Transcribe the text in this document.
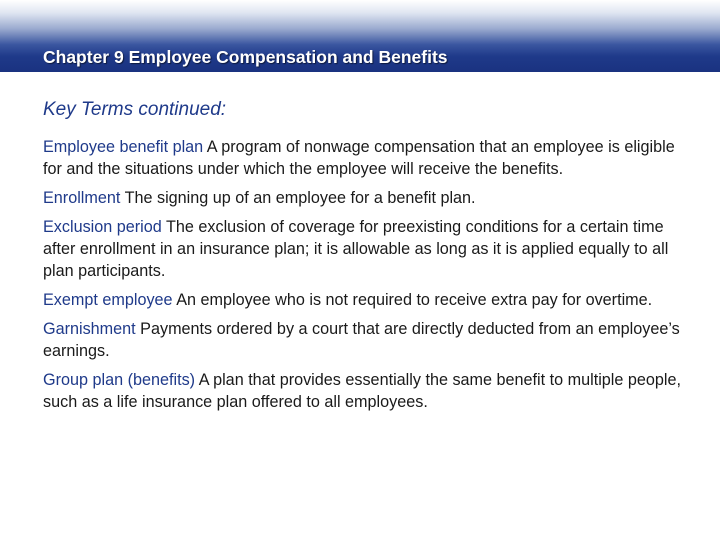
Chapter 9 Employee Compensation and Benefits
Key Terms continued:
Employee benefit plan A program of nonwage compensation that an employee is eligible for and the situations under which the employee will receive the benefits.
Enrollment The signing up of an employee for a benefit plan.
Exclusion period The exclusion of coverage for preexisting conditions for a certain time after enrollment in an insurance plan; it is allowable as long as it is applied equally to all plan participants.
Exempt employee An employee who is not required to receive extra pay for overtime.
Garnishment Payments ordered by a court that are directly deducted from an employee’s earnings.
Group plan (benefits) A plan that provides essentially the same benefit to multiple people, such as a life insurance plan offered to all employees.
